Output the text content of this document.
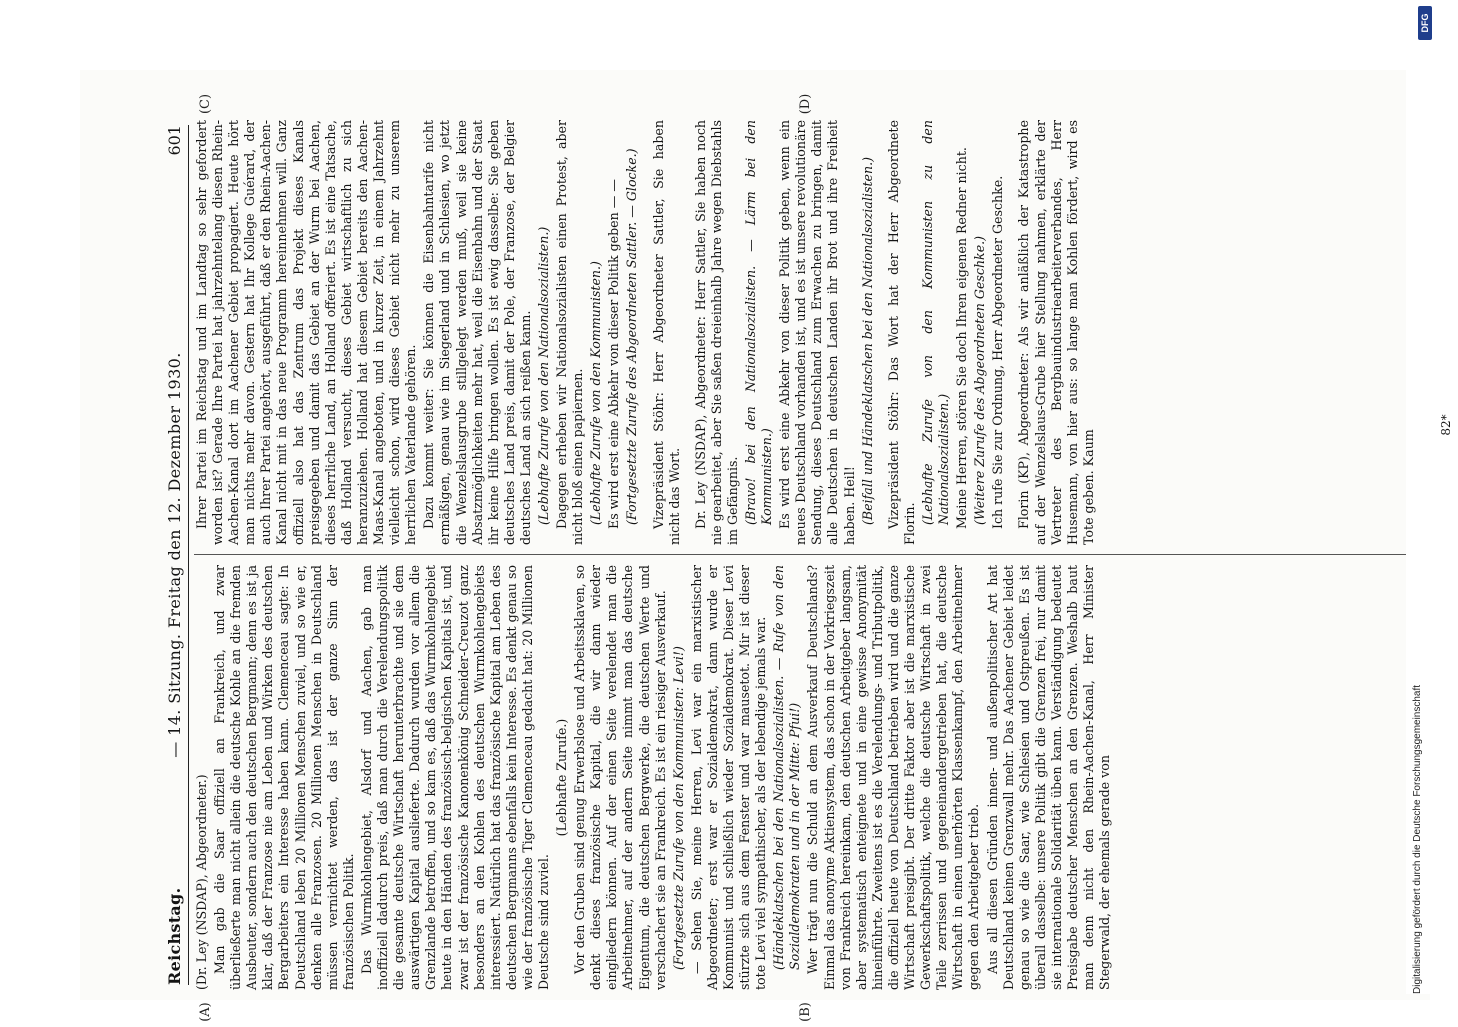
Reichstag.
— 14. Sitzung. Freitag den 12. Dezember 1930.
601
(A)	(B)
(C)	(D)

(Dr. Ley (NSDAP), Abgeordneter.) Man gab die Saar offiziell an Frankreich, und zwar überließerte man nicht allein die deutsche Kohle an die fremden Ausbeuter, sondern auch den deutschen Bergmann; denn es ist ja klar, daß der Franzose nie am Leben und Wirken des deutschen Bergarbeiters ein Interesse haben kann. Clemenceau sagte: In Deutschland leben 20 Millionen Menschen zuviel, und so wie er, denken alle Franzosen. 20 Millionen Menschen in Deutschland müssen vernichtet werden, das ist der ganze Sinn der französischen Politik. Das Wurmkohlengebiet, Alsdorf und Aachen, gab man inoffiziell dadurch preis, daß man durch die Verelendungspolitik die gesamte deutsche Wirtschaft herunterbrachte und sie dem auswärtigen Kapital auslieferte. Dadurch wurden vor allem die Grenzlande betroffen, und so kam es, daß das Wurmkohlengebiet heute in den Händen des französisch-belgischen Kapitals ist, und zwar ist der französische Kanonenkönig Schneider-Creuzot ganz besonders an den Kohlen des deutschen Wurmkohlengebiets interessiert. Natürlich hat das französische Kapital am Leben des deutschen Bergmanns ebenfalls kein Interesse. Es denkt genau so wie der französische Tiger Clemenceau gedacht hat: 20 Millionen Deutsche sind zuviel.

(Lebhafte Zurufe.) Vor den Gruben sind genug Erwerbslose und Arbeitssklaven, so denkt dieses französische Kapital, die wir dann wieder eingliedern können. Auf der einen Seite verelendet man die Arbeitnehmer, auf der andern Seite nimmt man das deutsche Eigentum, die deutschen Bergwerke, die deutschen Werte und verschachert sie an Frankreich. Es ist ein riesiger Ausverkauf. (Fortgesetzte Zurufe von den Kommunisten: Levi!) — Sehen Sie, meine Herren, Levi war ein marxistischer Abgeordneter; erst war er Sozialdemokrat, dann wurde er Kommunist und schließlich wieder Sozialdemokrat. Dieser Levi stürzte sich aus dem Fenster und war mausetot. Mir ist dieser tote Levi viel sympathischer, als der lebendige jemals war. (Händeklatschen bei den Nationalsozialisten. — Rufe von den Sozialdemokraten und in der Mitte: Pfui!) Wer trägt nun die Schuld an dem Ausverkauf Deutschlands? Einmal das anonyme Aktiensystem, das schon in der Vorkriegszeit von Frankreich hereinkam, den deutschen Arbeitgeber langsam, aber systematisch enteignete und in eine gewisse Anonymität hineinführte. Zweitens ist es die Verelendungs- und Tributpolitik, die offiziell heute von Deutschland betrieben wird und die ganze Wirtschaft preisgibt. Der dritte Faktor aber ist die marxistische Gewerkschaftspolitik, welche die deutsche Wirtschaft in zwei Teile zerrissen und gegeneinandergetrieben hat, die deutsche Wirtschaft in einen unerhörten Klassenkampf, den Arbeitnehmer gegen den Arbeitgeber trieb. Aus all diesen Gründen innen- und außenpolitischer Art hat Deutschland keinen Grenzwall mehr. Das Aachener Gebiet leidet genau so wie die Saar, wie Schlesien und Ostpreußen. Es ist überall dasselbe: unsere Politik gibt die Grenzen frei, nur damit sie internationale Solidarität üben kann. Verständigung bedeutet Preisgabe deutscher Menschen an den Grenzen. Weshalb baut man denn nicht den Rhein-Aachen-Kanal, Herr Minister Stegerwald, der ehemals gerade von

Ihrer Partei im Reichstag und im Landtag so sehr gefordert worden ist? Gerade Ihre Partei hat jahrzehntelang diesen Rhein-Aachen-Kanal dort im Aachener Gebiet propagiert. Heute hört man nichts mehr davon. Gestern hat Ihr Kollege Guérard, der auch Ihrer Partei angehört, ausgeführt, daß er den Rhein-Aachen-Kanal nicht mit in das neue Programm hereinnehmen will. Ganz offiziell also hat das Zentrum das Projekt dieses Kanals preisgegeben und damit das Gebiet an der Wurm bei Aachen, dieses herrliche Land, an Holland offeriert. Es ist eine Tatsache, daß Holland versucht, dieses Gebiet wirtschaftlich zu sich heranzuziehen. Holland hat diesem Gebiet bereits den Aachen-Maas-Kanal angeboten, und in kurzer Zeit, in einem Jahrzehnt vielleicht schon, wird dieses Gebiet nicht mehr zu unserem herrlichen Vaterlande gehören. Dazu kommt weiter: Sie können die Eisenbahntarife nicht ermäßigen, genau wie im Siegerland und in Schlesien, wo jetzt die Wenzelslausgrube stillgelegt werden muß, weil sie keine Absatzmöglichkeiten mehr hat, weil die Eisenbahn und der Staat ihr keine Hilfe bringen wollen. Es ist ewig dasselbe: Sie geben deutsches Land preis, damit der Pole, der Franzose, der Belgier deutsches Land an sich reißen kann. (Lebhafte Zurufe von den Nationalsozialisten.) Dagegen erheben wir Nationalsozialisten einen Protest, aber nicht bloß einen papiernen. (Lebhafte Zurufe von den Kommunisten.) Es wird erst eine Abkehr von dieser Politik geben — — (Fortgesetzte Zurufe des Abgeordneten Sattler. — Glocke.) Vizepräsident Stöhr: Herr Abgeordneter Sattler, Sie haben nicht das Wort. Dr. Ley (NSDAP), Abgeordneter: Herr Sattler, Sie haben noch nie gearbeitet, aber Sie saßen dreieinhalb Jahre wegen Diebstahls im Gefängnis. (Bravo! bei den Nationalsozialisten. — Lärm bei den Kommunisten.) Es wird erst eine Abkehr von dieser Politik geben, wenn ein neues Deutschland vorhanden ist, und es ist unsere revolutionäre Sendung, dieses Deutschland zum Erwachen zu bringen, damit alle Deutschen in deutschen Landen ihr Brot und ihre Freiheit haben. Heil! (Beifall und Händeklatschen bei den Nationalsozialisten.) Vizepräsident Stöhr: Das Wort hat der Herr Abgeordnete Florin. (Lebhafte Zurufe von den Kommunisten zu den Nationalsozialisten.) Meine Herren, stören Sie doch Ihren eigenen Redner nicht. (Weitere Zurufe des Abgeordneten Geschke.) Ich rufe Sie zur Ordnung, Herr Abgeordneter Geschke. Florin (KP), Abgeordneter: Als wir anläßlich der Katastrophe auf der Wenzelslaus-Grube hier Stellung nahmen, erklärte der Vertreter des Bergbauindustriearbeiterverbandes, Herr Husemann, von hier aus: so lange man Kohlen fördert, wird es Tote geben. Kaum

82*
Digitalisierung gefördert durch die Deutsche Forschungsgemeinschaft
DFG
